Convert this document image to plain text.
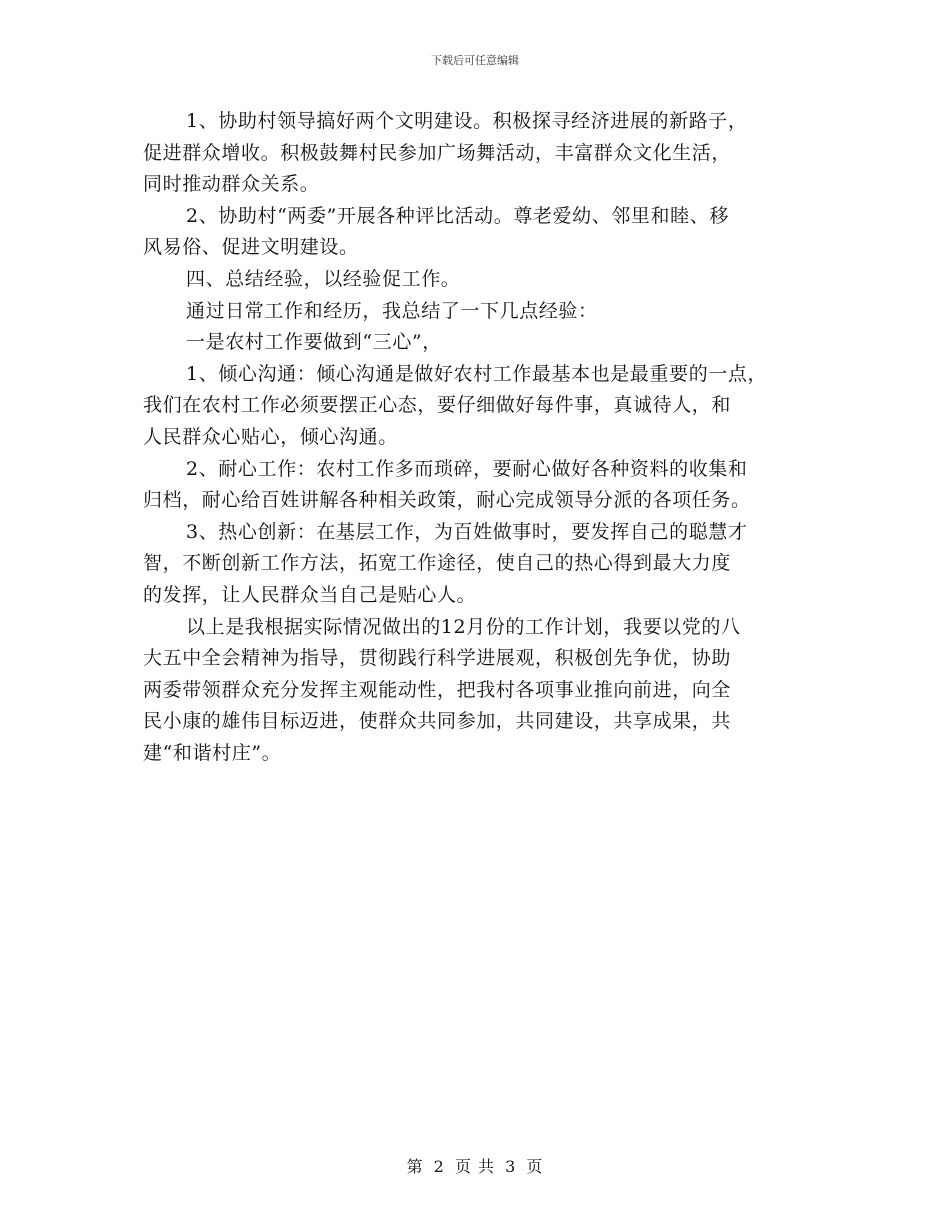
下载后可任意编辑
1、协助村领导搞好两个文明建设。积极探寻经济进展的新路子，
促进群众增收。积极鼓舞村民参加广场舞活动，丰富群众文化生活，
同时推动群众关系。
2、协助村“两委”开展各种评比活动。尊老爱幼、邻里和睦、移
风易俗、促进文明建设。
四、总结经验，以经验促工作。
通过日常工作和经历，我总结了一下几点经验：
一是农村工作要做到“三心”，
1、倾心沟通：倾心沟通是做好农村工作最基本也是最重要的一点，
我们在农村工作必须要摆正心态，要仔细做好每件事，真诚待人，和
人民群众心贴心，倾心沟通。
2、耐心工作：农村工作多而琐碎，要耐心做好各种资料的收集和
归档，耐心给百姓讲解各种相关政策，耐心完成领导分派的各项任务。
3、热心创新：在基层工作，为百姓做事时，要发挥自己的聪慧才
智，不断创新工作方法，拓宽工作途径，使自己的热心得到最大力度
的发挥，让人民群众当自己是贴心人。
以上是我根据实际情况做出的12月份的工作计划，我要以党的八
大五中全会精神为指导，贯彻践行科学进展观，积极创先争优，协助
两委带领群众充分发挥主观能动性，把我村各项事业推向前进，向全
民小康的雄伟目标迈进，使群众共同参加，共同建设，共享成果，共
建“和谐村庄”。
第 2 页 共 3 页
